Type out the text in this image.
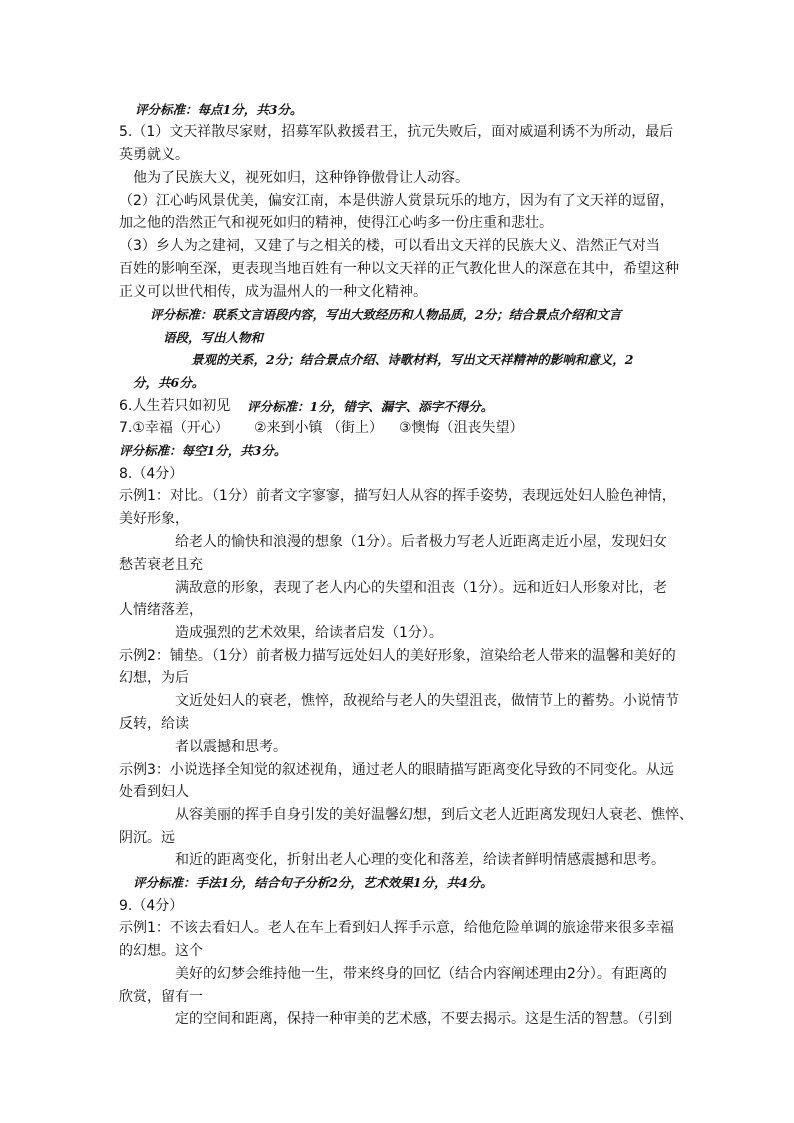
评分标准：每点1分，共3分。
5.（1）文天祥散尽家财，招募军队救援君王，抗元失败后，面对威逼利诱不为所动，最后
英勇就义。
他为了民族大义，视死如归，这种铮铮傲骨让人动容。
（2）江心屿风景优美，偏安江南，本是供游人赏景玩乐的地方，因为有了文天祥的逗留，
加之他的浩然正气和视死如归的精神，使得江心屿多一份庄重和悲壮。
（3）乡人为之建祠，又建了与之相关的楼，可以看出文天祥的民族大义、浩然正气对当
百姓的影响至深，更表现当地百姓有一种以文天祥的正气教化世人的深意在其中，希望这种
正义可以世代相传，成为温州人的一种文化精神。
评分标准：联系文言语段内容，写出大致经历和人物品质，2分；结合景点介绍和文言
语段，写出人物和
景观的关系，2分；结合景点介绍、诗歌材料，写出文天祥精神的影响和意义，2
分，共6分。
6.人生若只如初见 评分标准：1分，错字、漏字、添字不得分。
7.①幸福（开心） ②来到小镇 （街上） ③懊悔（沮丧失望）
评分标准：每空1分，共3分。
8.（4分）
示例1：对比。（1分）前者文字寥寥，描写妇人从容的挥手姿势，表现远处妇人脸色神情，
美好形象，
给老人的愉快和浪漫的想象（1分）。后者极力写老人近距离走近小屋，发现妇女
愁苦衰老且充
满敌意的形象，表现了老人内心的失望和沮丧（1分）。远和近妇人形象对比，老
人情绪落差，
造成强烈的艺术效果，给读者启发（1分）。
示例2：铺垫。（1分）前者极力描写远处妇人的美好形象，渲染给老人带来的温馨和美好的
幻想，为后
文近处妇人的衰老，憔悴，敌视给与老人的失望沮丧，做情节上的蓄势。小说情节
反转，给读
者以震撼和思考。
示例3：小说选择全知觉的叙述视角，通过老人的眼睛描写距离变化导致的不同变化。从远
处看到妇人
从容美丽的挥手自身引发的美好温馨幻想，到后文老人近距离发现妇人衰老、憔悴、
阴沉。远
和近的距离变化，折射出老人心理的变化和落差，给读者鲜明情感震撼和思考。
评分标准：手法1分，结合句子分析2分，艺术效果1分，共4分。
9.（4分）
示例1：不该去看妇人。老人在车上看到妇人挥手示意，给他危险单调的旅途带来很多幸福
的幻想。这个
美好的幻梦会维持他一生，带来终身的回忆（结合内容阐述理由2分）。有距离的
欣赏，留有一
定的空间和距离，保持一种审美的艺术感，不要去揭示。这是生活的智慧。（引到
